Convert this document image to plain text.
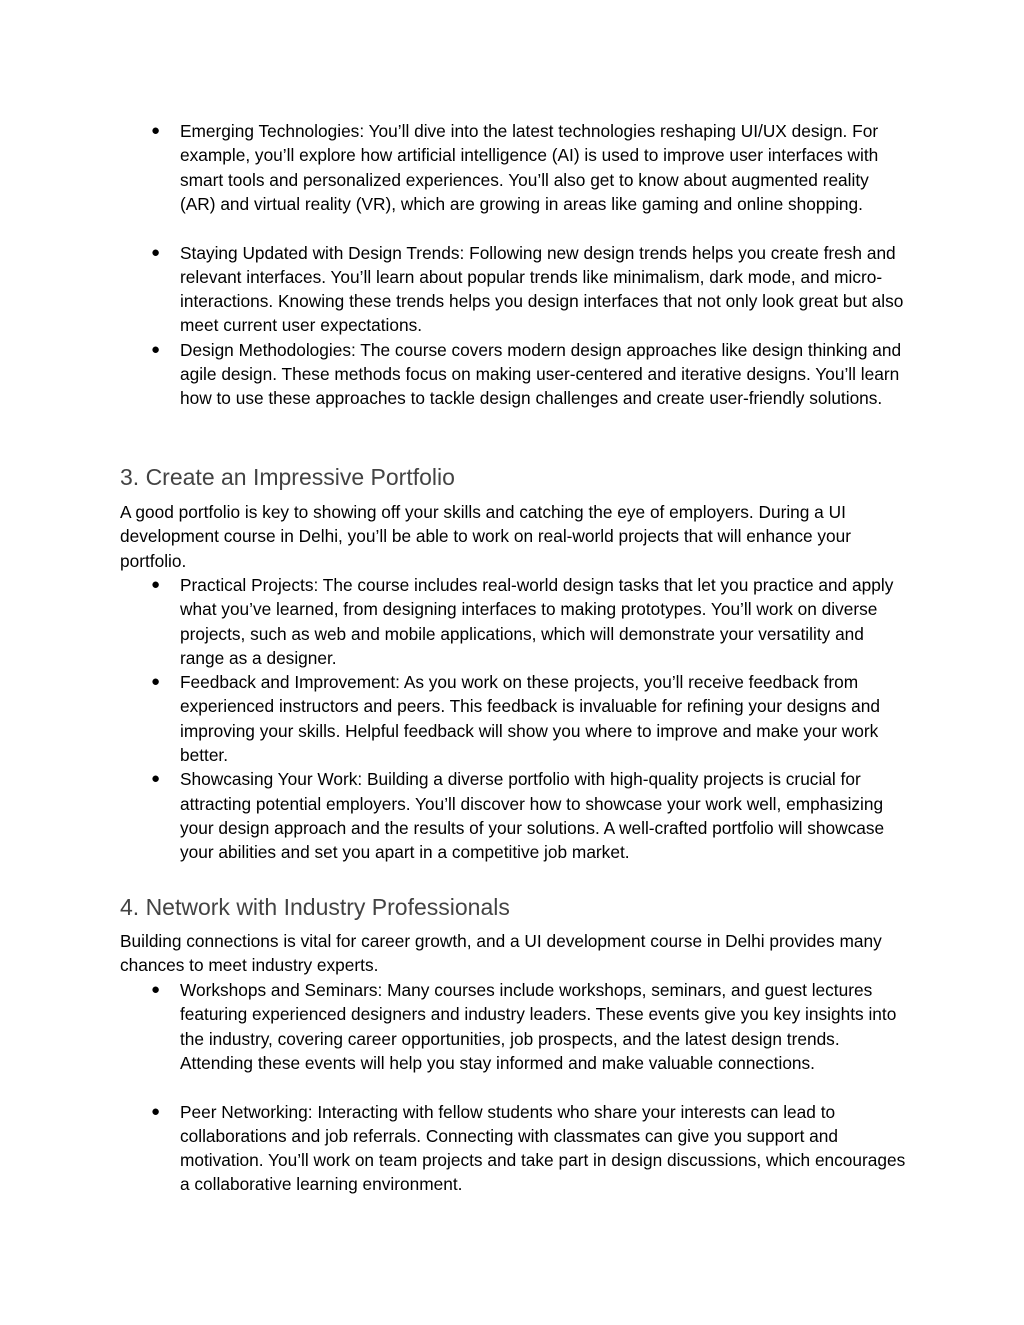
● Emerging Technologies: You’ll dive into the latest technologies reshaping UI/UX design. For example, you’ll explore how artificial intelligence (AI) is used to improve user interfaces with smart tools and personalized experiences. You’ll also get to know about augmented reality (AR) and virtual reality (VR), which are growing in areas like gaming and online shopping.
● Staying Updated with Design Trends: Following new design trends helps you create fresh and relevant interfaces. You’ll learn about popular trends like minimalism, dark mode, and micro-interactions. Knowing these trends helps you design interfaces that not only look great but also meet current user expectations.
● Design Methodologies: The course covers modern design approaches like design thinking and agile design. These methods focus on making user-centered and iterative designs. You’ll learn how to use these approaches to tackle design challenges and create user-friendly solutions.
3. Create an Impressive Portfolio

A good portfolio is key to showing off your skills and catching the eye of employers. During a UI development course in Delhi, you’ll be able to work on real-world projects that will enhance your portfolio.

● Practical Projects: The course includes real-world design tasks that let you practice and apply what you’ve learned, from designing interfaces to making prototypes. You’ll work on diverse projects, such as web and mobile applications, which will demonstrate your versatility and range as a designer.
● Feedback and Improvement: As you work on these projects, you’ll receive feedback from experienced instructors and peers. This feedback is invaluable for refining your designs and improving your skills. Helpful feedback will show you where to improve and make your work better.
● Showcasing Your Work: Building a diverse portfolio with high-quality projects is crucial for attracting potential employers. You’ll discover how to showcase your work well, emphasizing your design approach and the results of your solutions. A well-crafted portfolio will showcase your abilities and set you apart in a competitive job market.
4. Network with Industry Professionals

Building connections is vital for career growth, and a UI development course in Delhi provides many chances to meet industry experts.

● Workshops and Seminars: Many courses include workshops, seminars, and guest lectures featuring experienced designers and industry leaders. These events give you key insights into the industry, covering career opportunities, job prospects, and the latest design trends. Attending these events will help you stay informed and make valuable connections.
● Peer Networking: Interacting with fellow students who share your interests can lead to collaborations and job referrals. Connecting with classmates can give you support and motivation. You’ll work on team projects and take part in design discussions, which encourages a collaborative learning environment.
